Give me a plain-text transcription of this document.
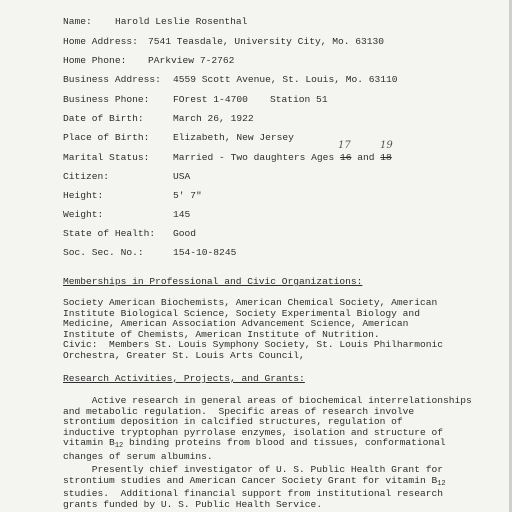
Name: Harold Leslie Rosenthal
Home Address: 7541 Teasdale, University City, Mo. 63130
Home Phone: PArkview 7-2762
Business Address: 4559 Scott Avenue, St. Louis, Mo. 63110
Business Phone: FOrest 1-4700 Station 51
Date of Birth:	March 26, 1922
Place of Birth: Elizabeth, New Jersey
17	19
Marital Status: Married - Two daughters Ages 16 and 18
Citizen:	USA
Height:	5' 7"
Weight:	145
State of Health: Good
Soc. Sec. No.:	154-10-8245
Memberships in Professional and Civic Organizations:
Society American Biochemists, American Chemical Society, American
Institute Biological Science, Society Experimental Biology and
Medicine, American Association Advancement Science, American
Institute of Chemists, American Institute of Nutrition.
Civic:  Members St. Louis Symphony Society, St. Louis Philharmonic
Orchestra, Greater St. Louis Arts Council,
Research Activities, Projects, and Grants:
Active research in general areas of biochemical interrelationships
and metabolic regulation.  Specific areas of research involve
strontium deposition in calcified structures, regulation of
inductive tryptophan pyrrolase enzymes, isolation and structure of
vitamin $B_{12}$ binding proteins from blood and tissues, conformational
changes of serum albumins.
Presently chief investigator of U. S. Public Health Grant for
strontium studies and American Cancer Society Grant for vitamin $B_{12}$
studies.  Additional financial support from institutional research
grants funded by U. S. Public Health Service.
